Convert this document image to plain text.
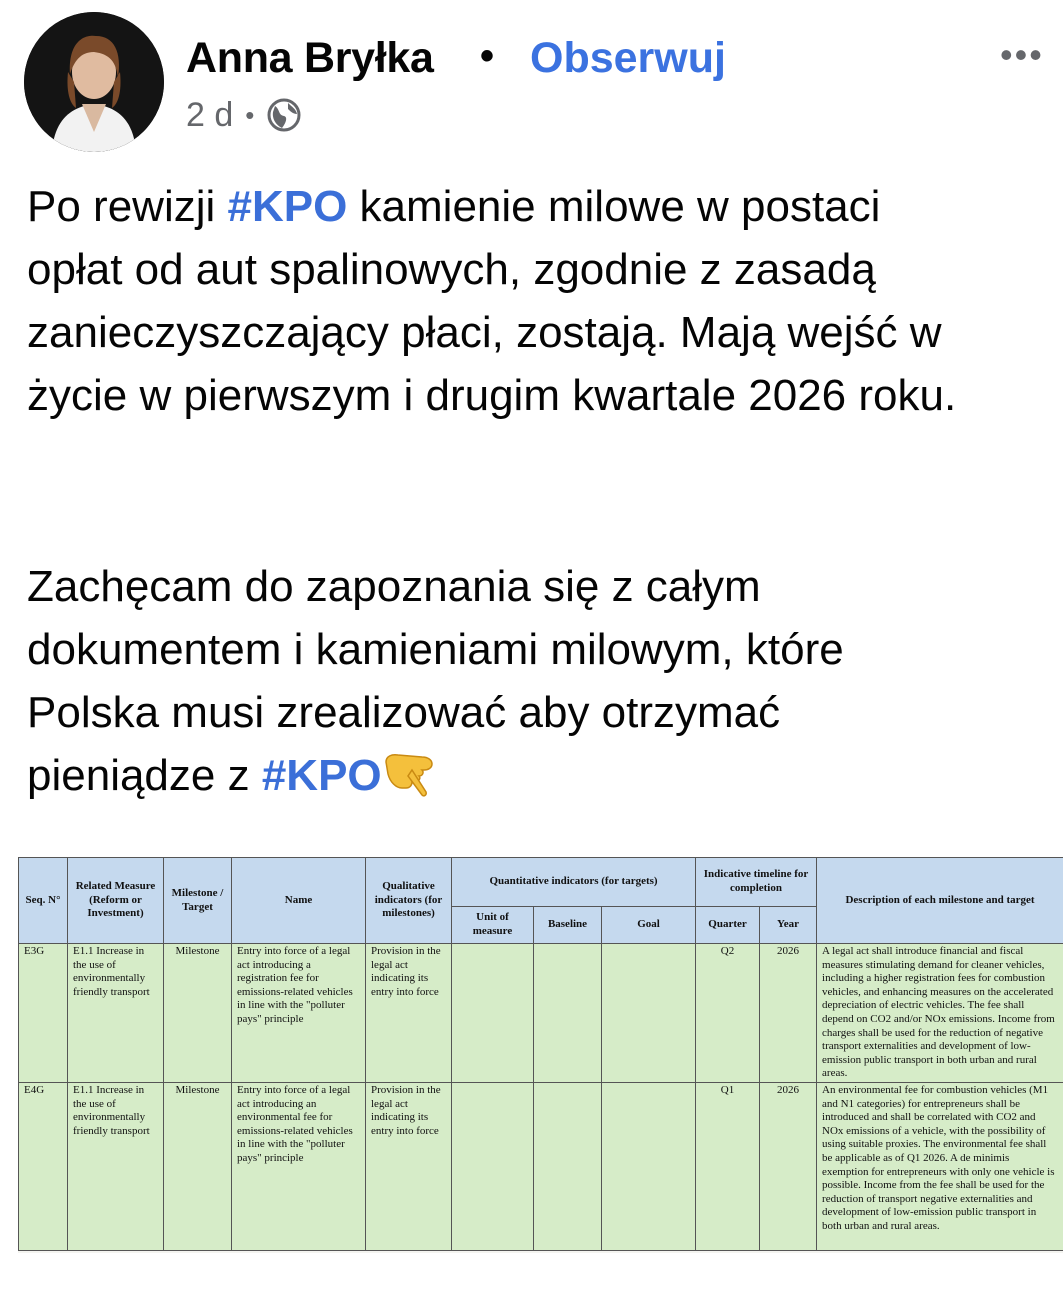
Anna Bryłka • Obserwuj	•••
2 d •
Po rewizji #KPO kamienie milowe w postaci
opłat od aut spalinowych, zgodnie z zasadą
zanieczyszczający płaci, zostają. Mają wejść w
życie w pierwszym i drugim kwartale 2026 roku.
Zachęcam do zapoznania się z całym
dokumentem i kamieniami milowym, które
Polska musi zrealizować aby otrzymać
pieniądze z #KPO
Seq. N°	Related Measure (Reform or Investment)	Milestone / Target	Name	Qualitative indicators (for milestones)	Quantitative indicators (for targets)			Indicative timeline for completion		Description of each milestone and target
					Unit of measure	Baseline	Goal	Quarter	Year	
E3G	E1.1 Increase in the use of environmentally friendly transport	Milestone	Entry into force of a legal act introducing a registration fee for emissions-related vehicles in line with the "polluter pays" principle	Provision in the legal act indicating its entry into force				Q2	2026	A legal act shall introduce financial and fiscal measures stimulating demand for cleaner vehicles, including a higher registration fees for combustion vehicles, and enhancing measures on the accelerated depreciation of electric vehicles. The fee shall depend on CO2 and/or NOx emissions. Income from charges shall be used for the reduction of negative transport externalities and development of low-emission public transport in both urban and rural areas.
E4G	E1.1 Increase in the use of environmentally friendly transport	Milestone	Entry into force of a legal act introducing an environmental fee for emissions-related vehicles in line with the "polluter pays" principle	Provision in the legal act indicating its entry into force				Q1	2026	An environmental fee for combustion vehicles (M1 and N1 categories) for entrepreneurs shall be introduced and shall be correlated with CO2 and NOx emissions of a vehicle, with the possibility of using suitable proxies. The environmental fee shall be applicable as of Q1 2026. A de minimis exemption for entrepreneurs with only one vehicle is possible. Income from the fee shall be used for the reduction of transport negative externalities and development of low-emission public transport in both urban and rural areas.
